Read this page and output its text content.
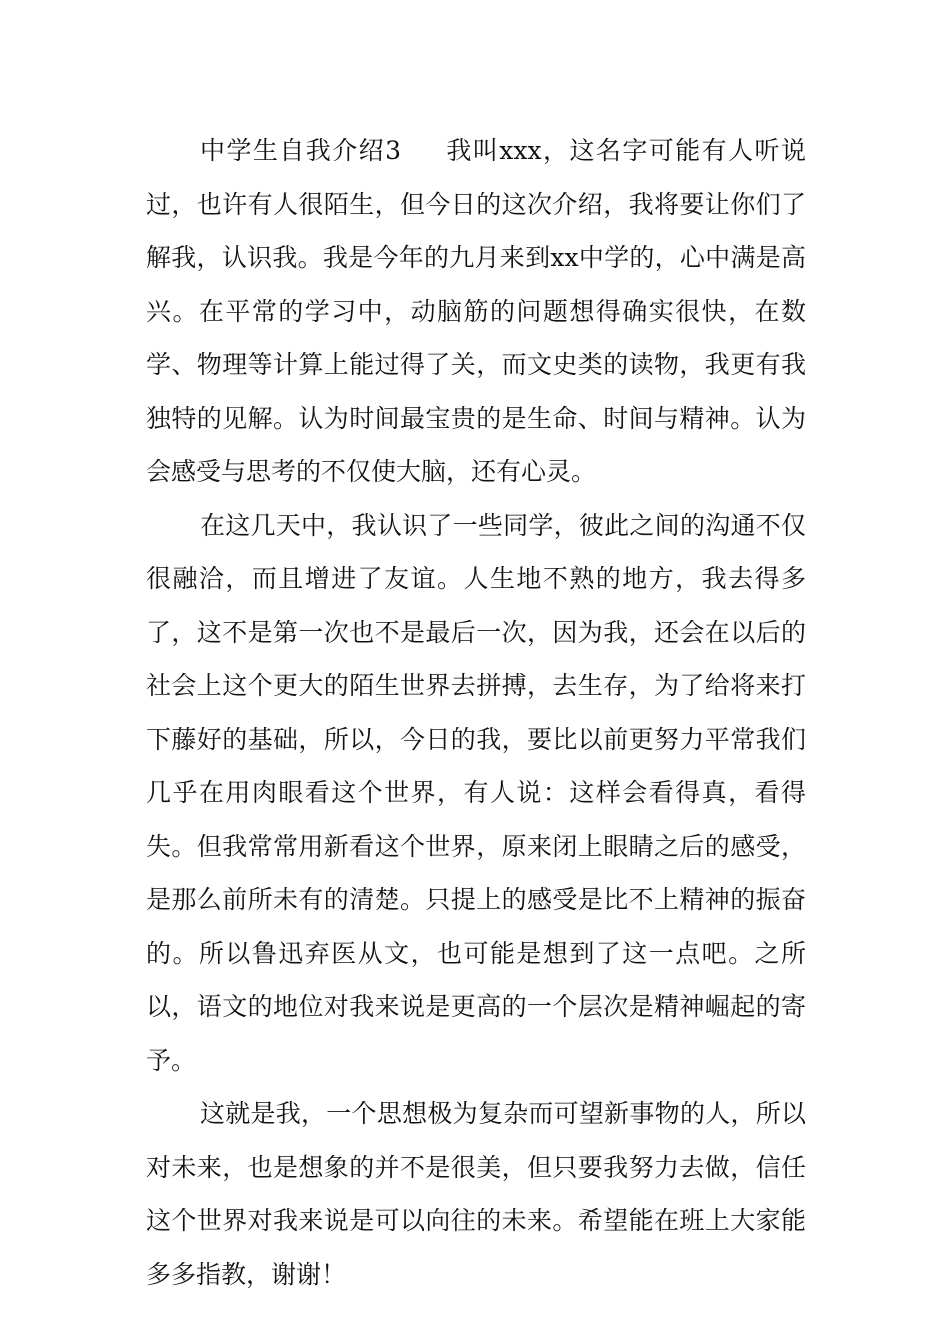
中学生自我介绍3 我叫xxx，这名字可能有人听说过，也许有人很陌生，但今日的这次介绍，我将要让你们了解我，认识我。我是今年的九月来到xx中学的，心中满是高兴。在平常的学习中，动脑筋的问题想得确实很快，在数学、物理等计算上能过得了关，而文史类的读物，我更有我独特的见解。认为时间最宝贵的是生命、时间与精神。认为会感受与思考的不仅使大脑，还有心灵。

在这几天中，我认识了一些同学，彼此之间的沟通不仅很融洽，而且增进了友谊。人生地不熟的地方，我去得多了，这不是第一次也不是最后一次，因为我，还会在以后的社会上这个更大的陌生世界去拼搏，去生存，为了给将来打下藤好的基础，所以，今日的我，要比以前更努力平常我们几乎在用肉眼看这个世界，有人说：这样会看得真，看得失。但我常常用新看这个世界，原来闭上眼睛之后的感受，是那么前所未有的清楚。只提上的感受是比不上精神的振奋的。所以鲁迅弃医从文，也可能是想到了这一点吧。之所以，语文的地位对我来说是更高的一个层次是精神崛起的寄予。

这就是我，一个思想极为复杂而可望新事物的人，所以对未来，也是想象的并不是很美，但只要我努力去做，信任这个世界对我来说是可以向往的未来。希望能在班上大家能多多指教，谢谢！
